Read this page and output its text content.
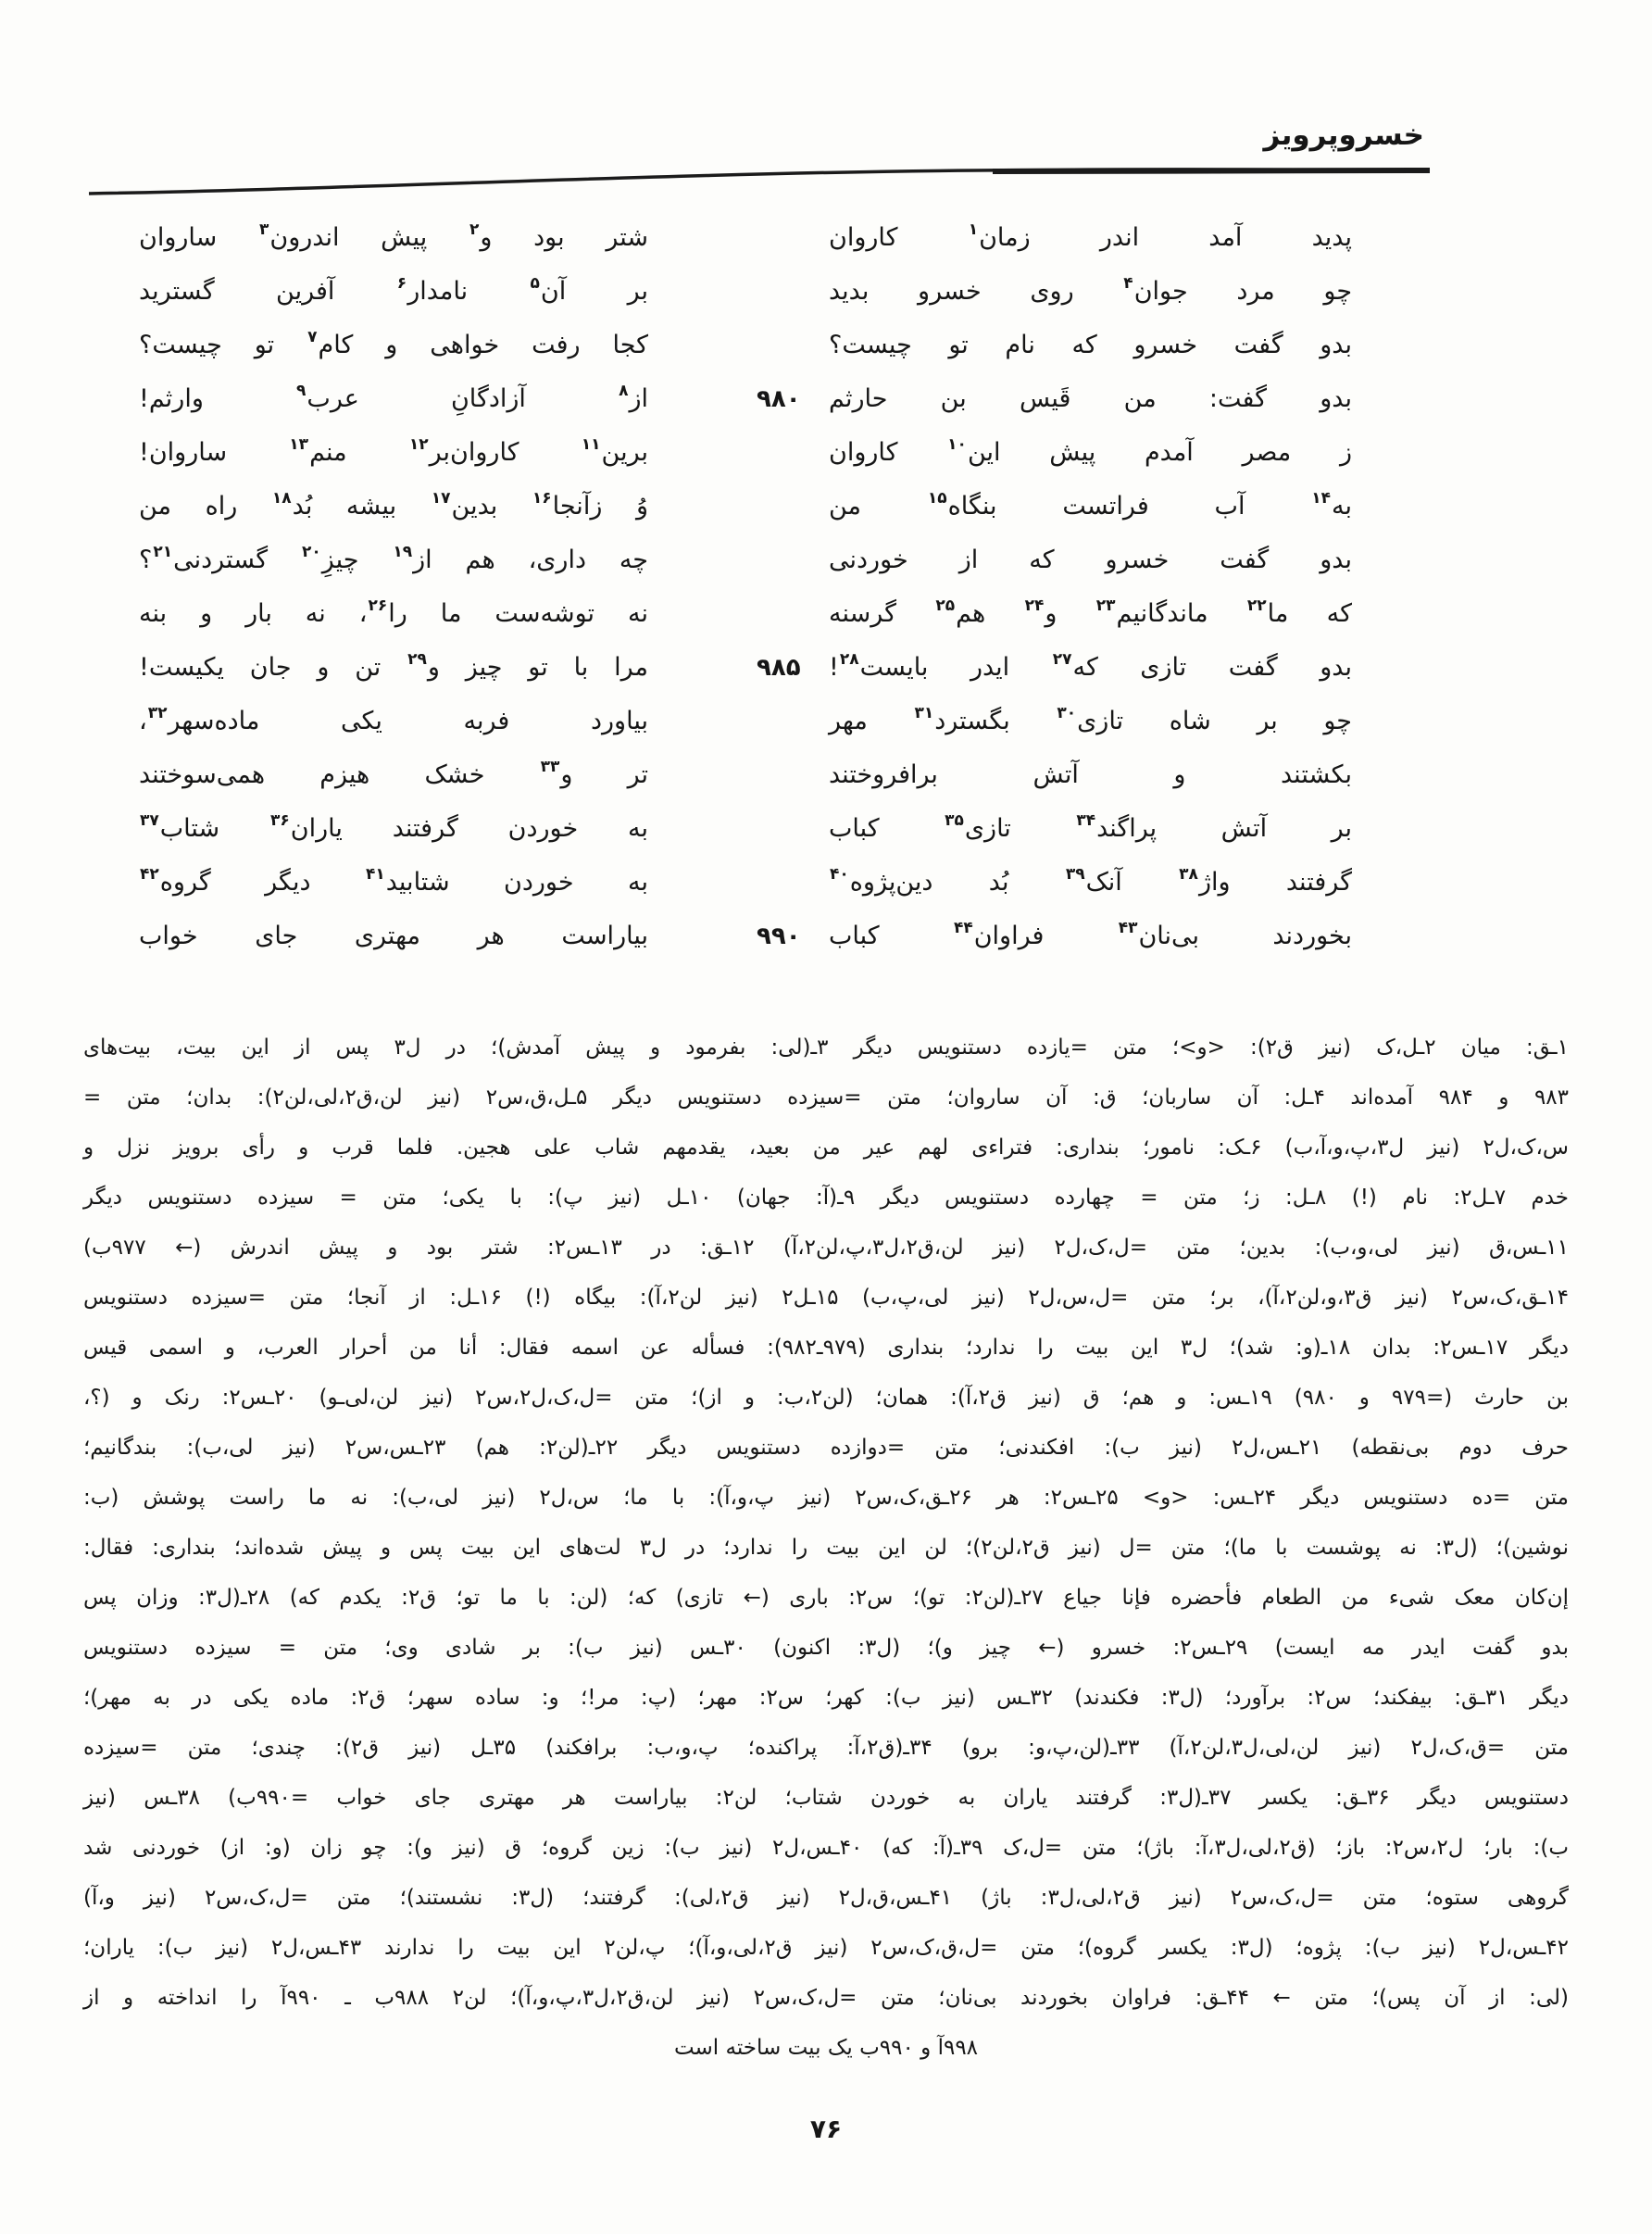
خسروپرویز
شتر بود و$^۲$ پیش اندرون$^۳$ ساروان	پدید آمد اندر زمان$^۱$ کاروان
بر آن$^۵$ نامدار$^۶$ آفرین گسترید	چو مرد جوان$^۴$ روی خسرو بدید
کجا رفت خواهی و کام$^۷$ تو چیست؟	بدو گفت خسرو که نام تو چیست؟
از$^۸$ آزادگانِ عرب$^۹$ وارثم!	۹۸۰	بدو گفت: من قَیس بن حارثم
برین$^{۱۱}$ کاروان‌بر$^{۱۲}$ منم$^{۱۳}$ ساروان!	ز مصر آمدم پیش این$^{۱۰}$ کاروان
وُ زآنجا$^{۱۶}$ بدین$^{۱۷}$ بیشه بُد$^{۱۸}$ راه من	به$^{۱۴}$ آب فراتست بنگاه$^{۱۵}$ من
چه داری، هم از$^{۱۹}$ چیزِ$^{۲۰}$ گستردنی$^{۲۱}$؟	بدو گفت خسرو که از خوردنی
نه توشه‌ست ما را$^{۲۶}$، نه بار و بنه	که ما$^{۲۲}$ ماندگانیم$^{۲۳}$ و$^{۲۴}$ هم$^{۲۵}$ گرسنه
مرا با تو چیز و$^{۲۹}$ تن و جان یکیست!	۹۸۵	بدو گفت تازی که$^{۲۷}$ ایدر بایست$^{۲۸}$!
بیاورد فربه یکی ماده‌سهر$^{۳۲}$،	چو بر شاه تازی$^{۳۰}$ بگسترد$^{۳۱}$ مهر
تر و$^{۳۳}$ خشک هیزم همی‌سوختند	بکشتند و آتش برافروختند
به خوردن گرفتند یاران$^{۳۶}$ شتاب$^{۳۷}$	بر آتش پراگند$^{۳۴}$ تازی$^{۳۵}$ کباب
به خوردن شتابید$^{۴۱}$ دیگر گروه$^{۴۲}$	گرفتند واژ$^{۳۸}$ آنک$^{۳۹}$ بُد دین‌پژوه$^{۴۰}$
بیاراست هر مهتری جای خواب	۹۹۰	بخوردند بی‌نان$^{۴۳}$ فراوان$^{۴۴}$ کباب
۱ـق: میان ۲ـل،ک (نیز ق۲): <و>؛ متن =یازده دستنویس دیگر ۳ـ(لی: بفرمود و پیش آمدش)؛ در ل۳ پس از این بیت، بیت‌های
۹۸۳ و ۹۸۴ آمده‌اند ۴ـل: آن ساربان؛ ق: آن ساروان؛ متن =سیزده دستنویس دیگر ۵ـل،ق،س۲ (نیز لن،ق۲،لی،لن۲): بدان؛ متن =
س،ک،ل۲ (نیز ل۳،پ،و،آ،ب) ۶ـک: نامور؛ بنداری: فتراءی لهم عیر من بعید، یقدمهم شاب علی هجین. فلما قرب و رأی برویز نزل و
خدم ۷ـل۲: نام (!) ۸ـل: ز؛ متن = چهارده دستنویس دیگر ۹ـ(آ: جهان) ۱۰ـل (نیز پ): با یکی؛ متن = سیزده دستنویس دیگر
۱۱ـس،ق (نیز لی،و،ب): بدین؛ متن =ل،ک،ل۲ (نیز لن،ق۲،ل۳،پ،لن۲،آ) ۱۲ـق: در ۱۳ـس۲: شتر بود و پیش اندرش (← ۹۷۷ب)
۱۴ـق،ک،س۲ (نیز ق۳،و،لن۲،آ)، بر؛ متن =ل،س،ل۲ (نیز لی،پ،ب) ۱۵ـل۲ (نیز لن۲،آ): بیگاه (!) ۱۶ـل: از آنجا؛ متن =سیزده دستنویس
دیگر ۱۷ـس۲: بدان ۱۸ـ(و: شد)؛ ل۳ این بیت را ندارد؛ بنداری (۹۷۹ـ۹۸۲): فسأله عن اسمه فقال: أنا من أحرار العرب، و اسمی قیس
بن حارث (=۹۷۹ و ۹۸۰) ۱۹ـس: و هم؛ ق (نیز ق۲،آ): همان؛ (لن۲،ب: و از)؛ متن =ل،ک،ل۲،س۲ (نیز لن،لی‌ـو) ۲۰ـس۲: رنک و (؟،
حرف دوم بی‌نقطه) ۲۱ـس،ل۲ (نیز ب): افکندنی؛ متن =دوازده دستنویس دیگر ۲۲ـ(لن۲: هم) ۲۳ـس،س۲ (نیز لی،ب): بندگانیم؛
متن =ده دستنویس دیگر ۲۴ـس: <و> ۲۵ـس۲: هر ۲۶ـق،ک،س۲ (نیز پ،و،آ): با ما؛ س،ل۲ (نیز لی،ب): نه ما راست پوشش (ب:
نوشین)؛ (ل۳: نه پوشست با ما)؛ متن =ل (نیز ق۲،لن۲)؛ لن این بیت را ندارد؛ در ل۳ لت‌های این بیت پس و پیش شده‌اند؛ بنداری: فقال:
إن‌کان معک شیء من الطعام فأحضره فإنا جیاع ۲۷ـ(لن۲: تو)؛ س۲: باری (← تازی) که؛ (لن: با ما تو؛ ق۲: یکدم که) ۲۸ـ(ل۳: وزان پس
بدو گفت ایدر مه ایست) ۲۹ـس۲: خسرو (← چیز و)؛ (ل۳: اکنون) ۳۰ـس (نیز ب): بر شادی وی؛ متن = سیزده دستنویس
دیگر ۳۱ـق: بیفکند؛ س۲: برآورد؛ (ل۳: فکندند) ۳۲ـس (نیز ب): کهر؛ س۲: مهر؛ (پ: مر!؛ و: ساده سهر؛ ق۲: ماده یکی در به مهر)؛
متن =ق،ک،ل۲ (نیز لن،لی،ل۳،لن۲،آ) ۳۳ـ(لن،پ،و: برو) ۳۴ـ(ق۲،آ: پراکنده؛ پ،و،ب: برافکند) ۳۵ـل (نیز ق۲): چندی؛ متن =سیزده
دستنویس دیگر ۳۶ـق: یکسر ۳۷ـ(ل۳: گرفتند یاران به خوردن شتاب؛ لن۲: بیاراست هر مهتری جای خواب =۹۹۰ب) ۳۸ـس (نیز
ب): بار؛ ل۲،س۲: باز؛ (ق۲،لی،ل۳،آ: باژ)؛ متن =ل،ک ۳۹ـ(آ: که) ۴۰ـس،ل۲ (نیز ب): زین گروه؛ ق (نیز و): چو زان (و: از) خوردنی شد
گروهی ستوه؛ متن =ل،ک،س۲ (نیز ق۲،لی،ل۳: باژ) ۴۱ـس،ق،ل۲ (نیز ق۲،لی): گرفتند؛ (ل۳: نشستند)؛ متن =ل،ک،س۲ (نیز و،آ)
۴۲ـس،ل۲ (نیز ب): پژوه؛ (ل۳: یکسر گروه)؛ متن =ل،ق،ک،س۲ (نیز ق۲،لی،و،آ)؛ پ،لن۲ این بیت را ندارند ۴۳ـس،ل۲ (نیز ب): یاران؛
(لی: از آن پس)؛ متن ← ۴۴ـق: فراوان بخوردند بی‌نان؛ متن =ل،ک،س۲ (نیز لن،ق۲،ل۳،پ،و،آ)؛ لن۲ ۹۸۸ب ـ ۹۹۰آ را انداخته و از
۹۹۸آ و ۹۹۰ب یک بیت ساخته است
۷۶
